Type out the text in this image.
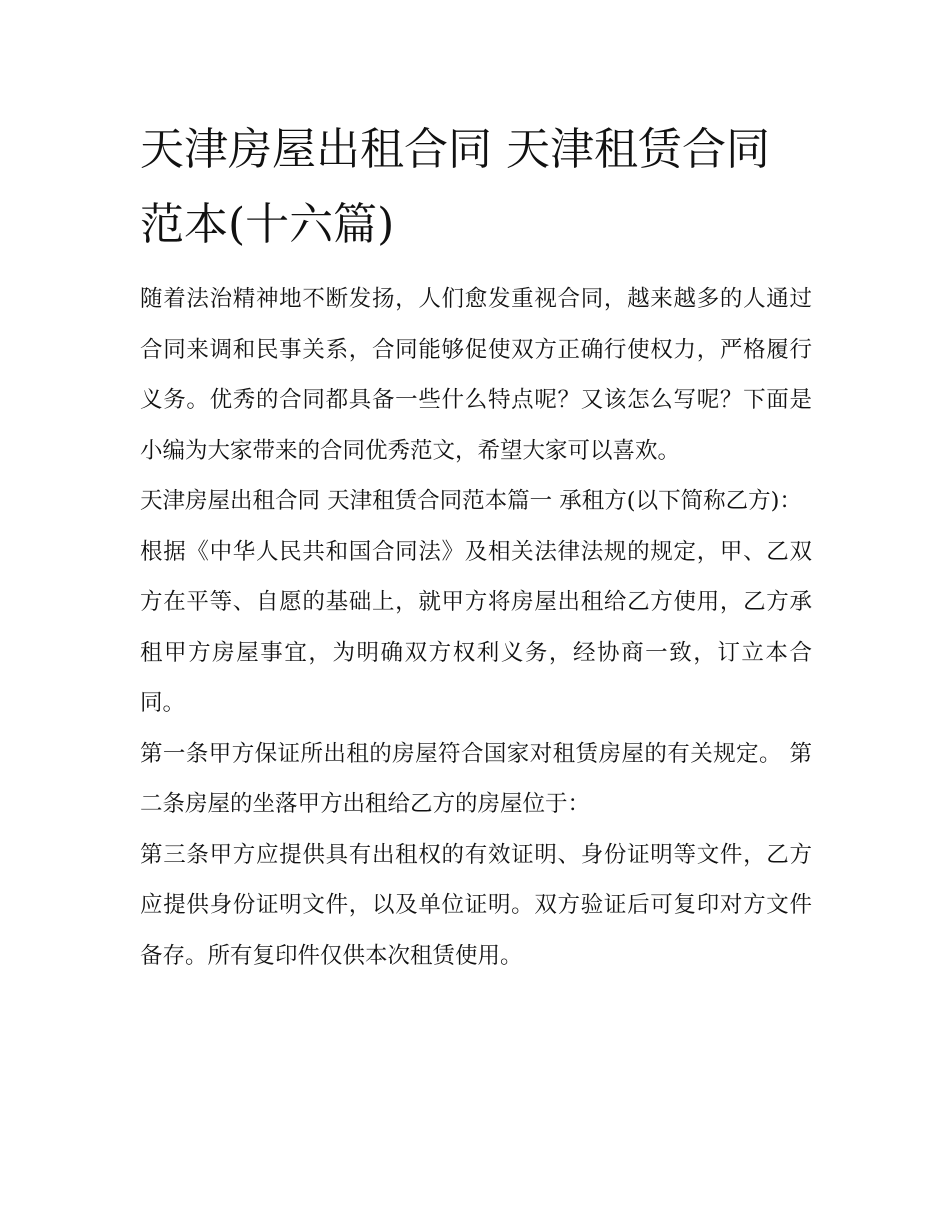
天津房屋出租合同 天津租赁合同范本(十六篇)

随着法治精神地不断发扬，人们愈发重视合同，越来越多的人通过合同来调和民事关系，合同能够促使双方正确行使权力，严格履行义务。优秀的合同都具备一些什么特点呢？又该怎么写呢？下面是小编为大家带来的合同优秀范文，希望大家可以喜欢。

天津房屋出租合同 天津租赁合同范本篇一 承租方(以下简称乙方)：

根据《中华人民共和国合同法》及相关法律法规的规定，甲、乙双方在平等、自愿的基础上，就甲方将房屋出租给乙方使用，乙方承租甲方房屋事宜，为明确双方权利义务，经协商一致，订立本合同。

第一条甲方保证所出租的房屋符合国家对租赁房屋的有关规定。 第二条房屋的坐落甲方出租给乙方的房屋位于：

第三条甲方应提供具有出租权的有效证明、身份证明等文件，乙方应提供身份证明文件，以及单位证明。双方验证后可复印对方文件备存。所有复印件仅供本次租赁使用。
